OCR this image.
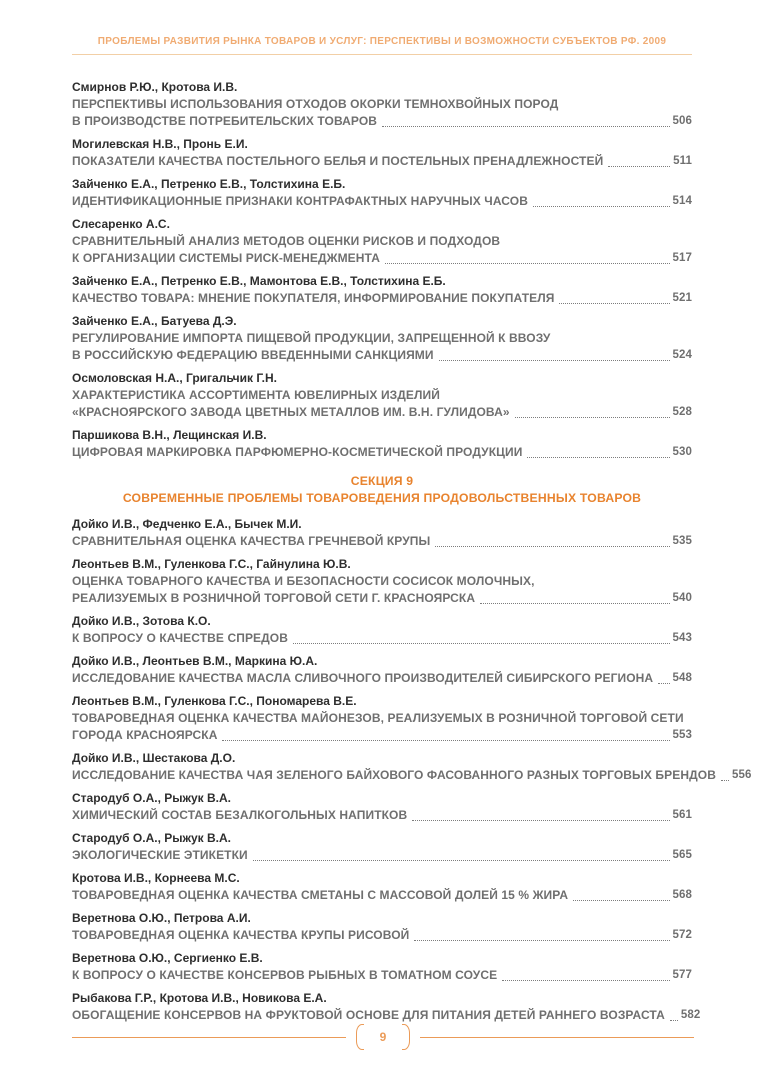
ПРОБЛЕМЫ РАЗВИТИЯ РЫНКА ТОВАРОВ И УСЛУГ: ПЕРСПЕКТИВЫ И ВОЗМОЖНОСТИ СУБЪЕКТОВ РФ. 2009
Смирнов Р.Ю., Кротова И.В.
ПЕРСПЕКТИВЫ ИСПОЛЬЗОВАНИЯ ОТХОДОВ ОКОРКИ ТЕМНОХВОЙНЫХ ПОРОД
В ПРОИЗВОДСТВЕ ПОТРЕБИТЕЛЬСКИХ ТОВАРОВ	506
Могилевская Н.В., Пронь Е.И.
ПОКАЗАТЕЛИ КАЧЕСТВА ПОСТЕЛЬНОГО БЕЛЬЯ И ПОСТЕЛЬНЫХ ПРЕНАДЛЕЖНОСТЕЙ	511
Зайченко Е.А., Петренко Е.В., Толстихина Е.Б.
ИДЕНТИФИКАЦИОННЫЕ ПРИЗНАКИ КОНТРАФАКТНЫХ НАРУЧНЫХ ЧАСОВ	514
Слесаренко А.С.
СРАВНИТЕЛЬНЫЙ АНАЛИЗ МЕТОДОВ ОЦЕНКИ РИСКОВ И ПОДХОДОВ
К ОРГАНИЗАЦИИ СИСТЕМЫ РИСК-МЕНЕДЖМЕНТА	517
Зайченко Е.А., Петренко Е.В., Мамонтова Е.В., Толстихина Е.Б.
КАЧЕСТВО ТОВАРА: МНЕНИЕ ПОКУПАТЕЛЯ, ИНФОРМИРОВАНИЕ ПОКУПАТЕЛЯ	521
Зайченко Е.А., Батуева Д.Э.
РЕГУЛИРОВАНИЕ ИМПОРТА ПИЩЕВОЙ ПРОДУКЦИИ, ЗАПРЕЩЕННОЙ К ВВОЗУ
В РОССИЙСКУЮ ФЕДЕРАЦИЮ ВВЕДЕННЫМИ САНКЦИЯМИ	524
Осмоловская Н.А., Григальчик Г.Н.
ХАРАКТЕРИСТИКА АССОРТИМЕНТА ЮВЕЛИРНЫХ ИЗДЕЛИЙ
«КРАСНОЯРСКОГО ЗАВОДА ЦВЕТНЫХ МЕТАЛЛОВ ИМ. В.Н. ГУЛИДОВА»	528
Паршикова В.Н., Лещинская И.В.
ЦИФРОВАЯ МАРКИРОВКА ПАРФЮМЕРНО-КОСМЕТИЧЕСКОЙ ПРОДУКЦИИ	530
СЕКЦИЯ 9
СОВРЕМЕННЫЕ ПРОБЛЕМЫ ТОВАРОВЕДЕНИЯ ПРОДОВОЛЬСТВЕННЫХ ТОВАРОВ
Дойко И.В., Федченко Е.А., Бычек М.И.
СРАВНИТЕЛЬНАЯ ОЦЕНКА КАЧЕСТВА ГРЕЧНЕВОЙ КРУПЫ	535
Леонтьев В.М., Гуленкова Г.С., Гайнулина Ю.В.
ОЦЕНКА ТОВАРНОГО КАЧЕСТВА И БЕЗОПАСНОСТИ СОСИСОК МОЛОЧНЫХ,
РЕАЛИЗУЕМЫХ В РОЗНИЧНОЙ ТОРГОВОЙ СЕТИ Г. КРАСНОЯРСКА	540
Дойко И.В., Зотова К.О.
К ВОПРОСУ О КАЧЕСТВЕ СПРЕДОВ	543
Дойко И.В., Леонтьев В.М., Маркина Ю.А.
ИССЛЕДОВАНИЕ КАЧЕСТВА МАСЛА СЛИВОЧНОГО ПРОИЗВОДИТЕЛЕЙ СИБИРСКОГО РЕГИОНА 548
Леонтьев В.М., Гуленкова Г.С., Пономарева В.Е.
ТОВАРОВЕДНАЯ ОЦЕНКА КАЧЕСТВА МАЙОНЕЗОВ, РЕАЛИЗУЕМЫХ В РОЗНИЧНОЙ ТОРГОВОЙ СЕТИ
ГОРОДА КРАСНОЯРСКА	553
Дойко И.В., Шестакова Д.О.
ИССЛЕДОВАНИЕ КАЧЕСТВА ЧАЯ ЗЕЛЕНОГО БАЙХОВОГО ФАСОВАННОГО РАЗНЫХ ТОРГОВЫХ БРЕНДОВ 556
Стародуб О.А., Рыжук В.А.
ХИМИЧЕСКИЙ СОСТАВ БЕЗАЛКОГОЛЬНЫХ НАПИТКОВ	561
Стародуб О.А., Рыжук В.А.
ЭКОЛОГИЧЕСКИЕ ЭТИКЕТКИ	565
Кротова И.В., Корнеева М.С.
ТОВАРОВЕДНАЯ ОЦЕНКА КАЧЕСТВА СМЕТАНЫ С МАССОВОЙ ДОЛЕЙ 15 % ЖИРА	568
Веретнова О.Ю., Петрова А.И.
ТОВАРОВЕДНАЯ ОЦЕНКА КАЧЕСТВА КРУПЫ РИСОВОЙ	572
Веретнова О.Ю., Сергиенко Е.В.
К ВОПРОСУ О КАЧЕСТВЕ КОНСЕРВОВ РЫБНЫХ В ТОМАТНОМ СОУСЕ	577
Рыбакова Г.Р., Кротова И.В., Новикова Е.А.
ОБОГАЩЕНИЕ КОНСЕРВОВ НА ФРУКТОВОЙ ОСНОВЕ ДЛЯ ПИТАНИЯ ДЕТЕЙ РАННЕГО ВОЗРАСТА 582
9
